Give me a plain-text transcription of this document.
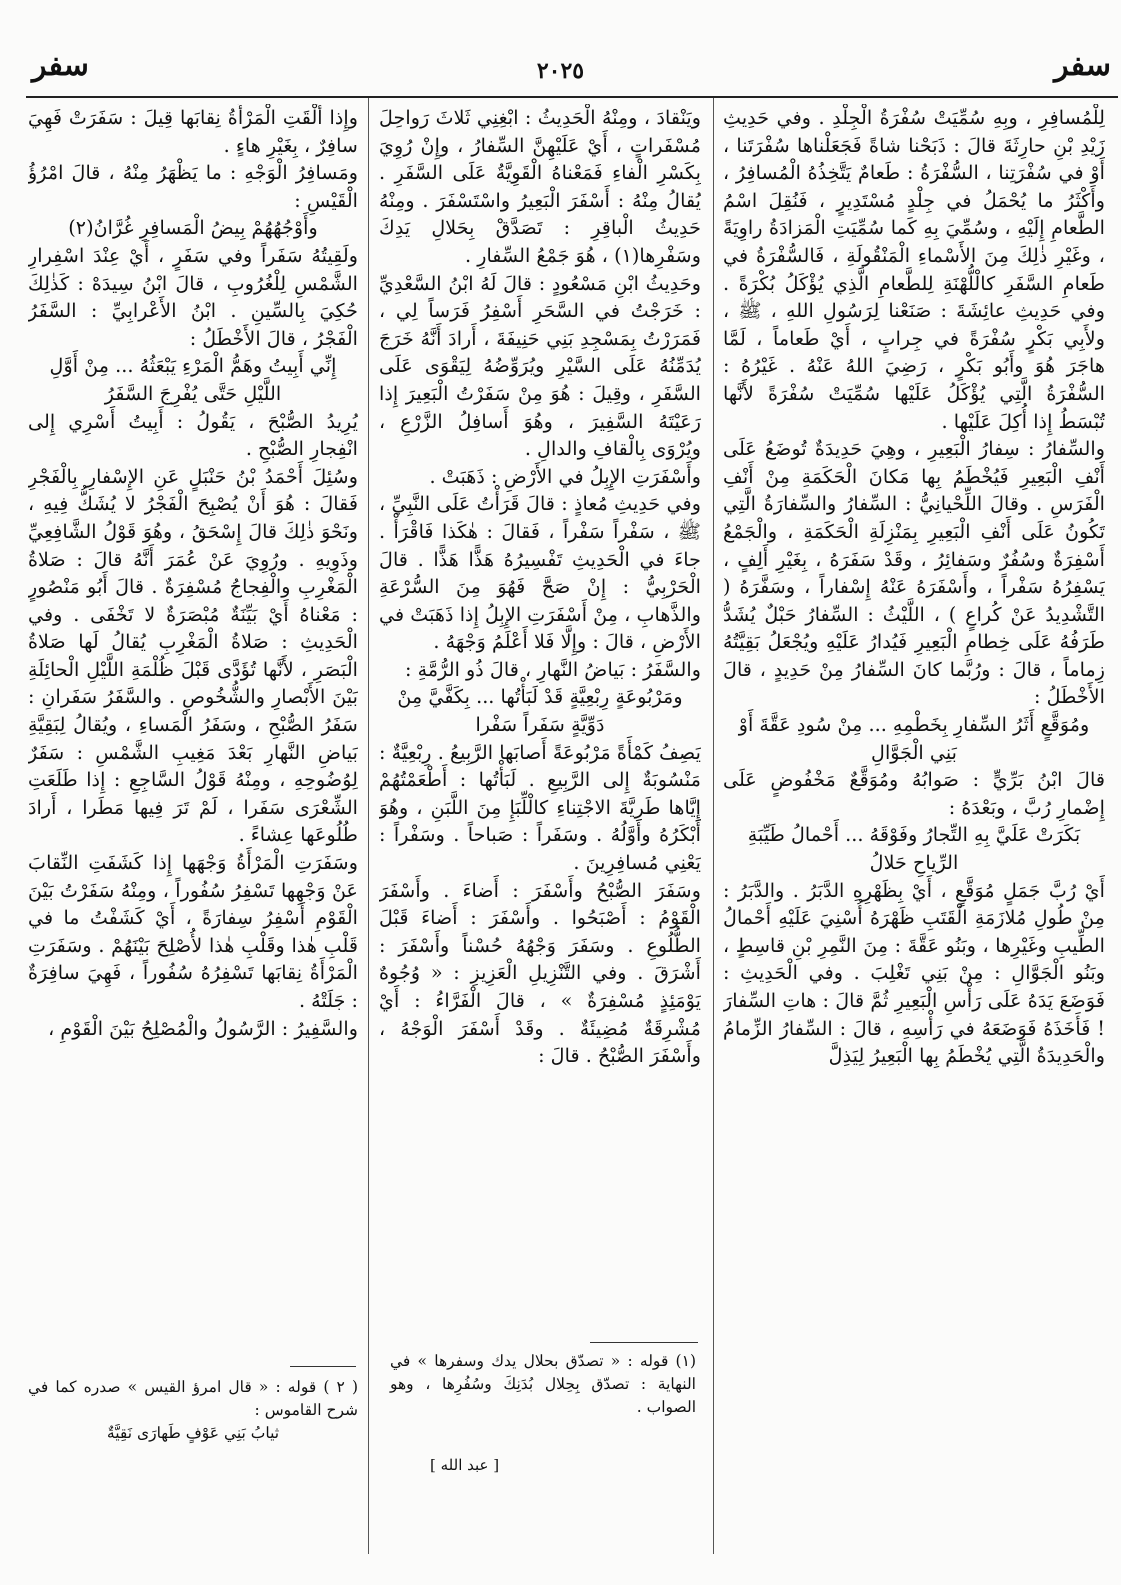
سفر
٢٠٢٥
سفر

لِلْمُسافِرِ ، وبِهِ سُمِّيَتْ سُفْرَةُ الْجِلْدِ . وفي حَدِيثِ زَيْدِ بْنِ حارِثَةَ قالَ : ذَبَحْنا شاةً فَجَعَلْناها سُفْرَتَنا ، أَوْ في سُفْرَتِنا ، السُّفْرَةُ : طَعامٌ يَتَّخِذُهُ الْمُسافِرُ ، وأَكْثَرُ ما يُحْمَلُ في جِلْدٍ مُسْتَدِيرٍ ، فَنُقِلَ اسْمُ الطَّعامِ إِلَيْهِ ، وسُمِّيَ بِهِ كَما سُمِّيَتِ الْمَزادَةُ راوِيَةً ، وغَيْرِ ذٰلِكَ مِنَ الأَسْماءِ الْمَنْقُولَةِ ، فَالسُّفْرَةُ في طَعامِ السَّفَرِ كالْلُّهْنَةِ لِلطَّعامِ الَّذِي يُؤْكَلُ بُكْرَةً . وفي حَدِيثِ عائِشَةَ : صَنَعْنا لِرَسُولِ اللهِ ، ﷺ ، ولأَبِي بَكْرٍ سُفْرَةً في جِرابٍ ، أَيْ طَعاماً ، لَمَّا هاجَرَ هُوَ وأَبُو بَكْرٍ ، رَضِيَ اللهُ عَنْهُ . غَيْرُهُ : السُّفْرَةُ الَّتِي يُؤْكَلُ عَلَيْها سُمِّيَتْ سُفْرَةً لأَنَّها تُبْسَطُ إِذا أُكِلَ عَلَيْها .

والسِّفارُ : سِفارُ الْبَعِيرِ ، وهِيَ حَدِيدَةٌ تُوضَعُ عَلَى أَنْفِ الْبَعِيرِ فَيُخْطَمُ بِها مَكانَ الْحَكَمَةِ مِنْ أَنْفِ الْفَرَسِ . وقالَ اللِّحْيانِيُّ : السِّفارُ والسِّفارَةُ الَّتِي تَكُونُ عَلَى أَنْفِ الْبَعِيرِ بِمَنْزِلَةِ الْحَكَمَةِ ، والْجَمْعُ أَسْفِرَةٌ وسُفُرٌ وسَفائِرُ ، وقَدْ سَفَرَهُ ، بِغَيْرِ أَلِفٍ ، يَسْفِرُهُ سَفْراً ، وأَسْفَرَهُ عَنْهُ إِسْفاراً ، وسَفَّرَهُ ( التَّشْدِيدُ عَنْ كُراعٍ ) ، اللَّيْثُ : السِّفارُ حَبْلٌ يُشَدُّ طَرَفُهُ عَلَى خِطامِ الْبَعِيرِ فَيُدارُ عَلَيْهِ ويُجْعَلُ بَقِيَّتُهُ زِماماً ، قالَ : ورُبَّما كانَ السِّفارُ مِنْ حَدِيدٍ ، قالَ الأَخْطَلُ :

ومُوَقَّعٍ أَثَرُ السِّفارِ بِخَطْمِهِ ... مِنْ سُودِ عَقَّةَ أَوْ بَنِي الْجَوَّالِ

قالَ ابْنُ بَرِّيٍّ : صَوابُهُ ومُوَقَّعٌ مَخْفُوضٍ عَلَى إِضْمارِ رُبَّ ، وبَعْدَهُ :

بَكَرَتْ عَلَيَّ بِهِ التِّجارُ وفَوْقَهُ ... أَحْمالُ طَيِّبَةِ الرِّياحِ حَلالُ

أَيْ رُبَّ جَمَلٍ مُوَقَّعٍ ، أَيْ بِظَهْرِهِ الدَّبَرُ . والدَّبَرُ : مِنْ طُولِ مُلازَمَةِ الْقَتَبِ ظَهْرَهُ أُسْنِيَ عَلَيْهِ أَحْمالُ الطِّيبِ وغَيْرِها ، وبَنُو عَقَّةَ : مِنَ النَّمِرِ بْنِ قاسِطٍ ، وبَنُو الْجَوَّالِ : مِنْ بَنِي تَغْلِبَ . وفي الْحَدِيثِ : فَوَضَعَ يَدَهُ عَلَى رَأْسِ الْبَعِيرِ ثُمَّ قالَ : هاتِ السِّفارَ ! فَأَخَذَهُ فَوَضَعَهُ في رَأْسِهِ ، قالَ : السِّفارُ الزِّمامُ والْحَدِيدَةُ الَّتِي يُخْطَمُ بِها الْبَعِيرُ لِيَذِلَّ

ويَنْقادَ ، ومِنْهُ الْحَدِيثُ : ابْغِنِي ثَلاثَ رَواحِلَ مُسْفَراتٍ ، أَيْ عَلَيْهِنَّ السِّفارُ ، وإِنْ رُوِيَ بِكَسْرِ الْفاءِ فَمَعْناهُ الْقَوِيَّةُ عَلَى السَّفَرِ . يُقالُ مِنْهُ : أَسْفَرَ الْبَعِيرُ واسْتَسْفَرَ . ومِنْهُ حَدِيثُ الْباقِرِ : تَصَدَّقْ بِحَلالِ يَدِكَ وسَفْرِها(١) ، هُوَ جَمْعُ السِّفارِ .

وحَدِيثُ ابْنِ مَسْعُودٍ : قالَ لَهُ ابْنُ السَّعْدِيِّ : خَرَجْتُ في السَّحَرِ أَسْفِرُ فَرَساً لِي ، فَمَرَرْتُ بِمَسْجِدِ بَنِي حَنِيفَةَ ، أَرادَ أَنَّهُ خَرَجَ يُدَمِّنُهُ عَلَى السَّيْرِ ويُرَوِّضُهُ لِيَقْوَى عَلَى السَّفَرِ ، وقِيلَ : هُوَ مِنْ سَفَرْتُ الْبَعِيرَ إِذا رَعَيْتَهُ السَّفِيرَ ، وهُوَ أَسافِلُ الزَّرْعِ ، ويُرْوَى بِالْقافِ والدالِ .

وأَسْفَرَتِ الإِبِلُ في الأَرْضِ : ذَهَبَتْ .

وفي حَدِيثِ مُعاذٍ : قالَ قَرَأْتُ عَلَى النَّبِيِّ ، ﷺ ، سَفْراً سَفْراً ، فَقالَ : هٰكَذا فَاقْرَأْ . جاءَ في الْحَدِيثِ تَفْسِيرُهُ هَذًّا هَذًّا . قالَ الْحَرْبِيُّ : إِنْ صَحَّ فَهُوَ مِنَ السُّرْعَةِ والذَّهابِ ، مِنْ أَسْفَرَتِ الإِبِلُ إِذا ذَهَبَتْ في الأَرْضِ ، قالَ : وإِلَّا فَلا أَعْلَمُ وَجْهَهُ .

والسَّفَرُ : بَياضُ النَّهارِ ، قالَ ذُو الرُّمَّةِ :

ومَرْبُوعَةٍ رِبْعِيَّةٍ قَدْ لَبَأْتُها ... بِكَفَّيَّ مِنْ دَوِّيَّةٍ سَفَراً سَفْرا

يَصِفُ كَمْأَةً مَرْبُوعَةً أَصابَها الرَّبِيعُ . رِبْعِيَّةٌ : مَنْسُوبَةٌ إِلى الرَّبِيعِ . لَبَأْتُها : أَطْعَمْتُهُمْ إِيَّاها طَرِيَّةَ الاجْتِناءِ كالْلِّبَإِ مِنَ اللَّبَنِ ، وهُوَ أَبْكَرُهُ وأَوَّلُهُ . وسَفَراً : صَباحاً . وسَفْراً : يَعْنِي مُسافِرِينَ .

وسَفَرَ الصُّبْحُ وأَسْفَرَ : أَضاءَ . وأَسْفَرَ الْقَوْمُ : أَصْبَحُوا . وأَسْفَرَ : أَضاءَ قَبْلَ الطُّلُوعِ . وسَفَرَ وَجْهُهُ حُسْناً وأَسْفَرَ : أَشْرَقَ . وفي التَّنْزِيلِ الْعَزِيزِ : « وُجُوهٌ يَوْمَئِذٍ مُسْفِرَةٌ » ، قالَ الْفَرَّاءُ : أَيْ مُشْرِقَةٌ مُضِيئَةٌ . وقَدْ أَسْفَرَ الْوَجْهُ ، وأَسْفَرَ الصُّبْحُ . قالَ :

وإِذا أَلْقَتِ الْمَرْأَةُ نِقابَها قِيلَ : سَفَرَتْ فَهِيَ سافِرٌ ، بِغَيْرِ هاءٍ .

ومَسافِرُ الْوَجْهِ : ما يَظْهَرُ مِنْهُ ، قالَ امْرُؤُ الْقَيْسِ :

وأَوْجُهُهُمْ بِيضُ الْمَسافِرِ غُرَّانُ(٢)

ولَقِيتُهُ سَفَراً وفي سَفَرٍ ، أَيْ عِنْدَ اسْفِرارِ الشَّمْسِ لِلْغُرُوبِ ، قالَ ابْنُ سِيدَهْ : كَذٰلِكَ حُكِيَ بِالسِّينِ . ابْنُ الأَعْرابِيِّ : السَّفَرُ الْفَجْرُ ، قالَ الأَخْطَلُ :

إِنِّي أَبِيتُ وهَمُّ الْمَرْءِ يَبْعَثُهُ ... مِنْ أَوَّلِ اللَّيْلِ حَتَّى يُفْرِجَ السَّفَرُ

يُرِيدُ الصُّبْحَ ، يَقُولُ : أَبِيتُ أَسْرِي إِلى انْفِجارِ الصُّبْحِ .

وسُئِلَ أَحْمَدُ بْنُ حَنْبَلٍ عَنِ الإِسْفارِ بِالْفَجْرِ فَقالَ : هُوَ أَنْ يُصْبِحَ الْفَجْرُ لا يُشَكُّ فِيهِ ، ونَحْوَ ذٰلِكَ قالَ إِسْحَقُ ، وهُوَ قَوْلُ الشَّافِعِيِّ وذَوِيهِ . ورُوِيَ عَنْ عُمَرَ أَنَّهُ قالَ : صَلاةُ الْمَغْرِبِ والْفِجاجُ مُسْفِرَةٌ . قالَ أَبُو مَنْصُورٍ : مَعْناهُ أَيْ بَيِّنَةٌ مُبْصَرَةٌ لا تَخْفَى . وفي الْحَدِيثِ : صَلاةُ الْمَغْرِبِ يُقالُ لَها صَلاةُ الْبَصَرِ ، لأَنَّها تُؤَدَّى قَبْلَ ظُلْمَةِ اللَّيْلِ الْحائِلَةِ بَيْنَ الأَبْصارِ والشُّخُوصِ . والسَّفَرُ سَفَرانِ : سَفَرُ الصُّبْحِ ، وسَفَرُ الْمَساءِ ، ويُقالُ لِبَقِيَّةِ بَياضِ النَّهارِ بَعْدَ مَغِيبِ الشَّمْسِ : سَفَرٌ لِوُضُوحِهِ ، ومِنْهُ قَوْلُ السَّاجِعِ : إِذا طَلَعَتِ الشِّعْرَى سَفَرا ، لَمْ تَرَ فِيها مَطَرا ، أَرادَ طُلُوعَها عِشاءً .

وسَفَرَتِ الْمَرْأَةُ وَجْهَها إِذا كَشَفَتِ النِّقابَ عَنْ وَجْهِها تَسْفِرُ سُفُوراً ، ومِنْهُ سَفَرْتُ بَيْنَ الْقَوْمِ أَسْفِرُ سِفارَةً ، أَيْ كَشَفْتُ ما في قَلْبِ هٰذا وقَلْبِ هٰذا لأُصْلِحَ بَيْنَهُمْ . وسَفَرَتِ الْمَرْأَةُ نِقابَها تَسْفِرُهُ سُفُوراً ، فَهِيَ سافِرَةٌ : جَلَتْهُ .

والسَّفِيرُ : الرَّسُولُ والْمُصْلِحُ بَيْنَ الْقَوْمِ ،

(١) قوله : « تصدّق بحلال يدك وسفرها » في النهاية : تصدّق بِحِلال بُدَنِكَ وسُفُرِها ، وهو الصواب .

[ عبد الله ]

( ٢ ) قوله : « قال امرؤ القيس » صدره كما في شرح القاموس :

ثيابُ بَنِي عَوْفٍ طَهارَى نَقِيَّةٌ
